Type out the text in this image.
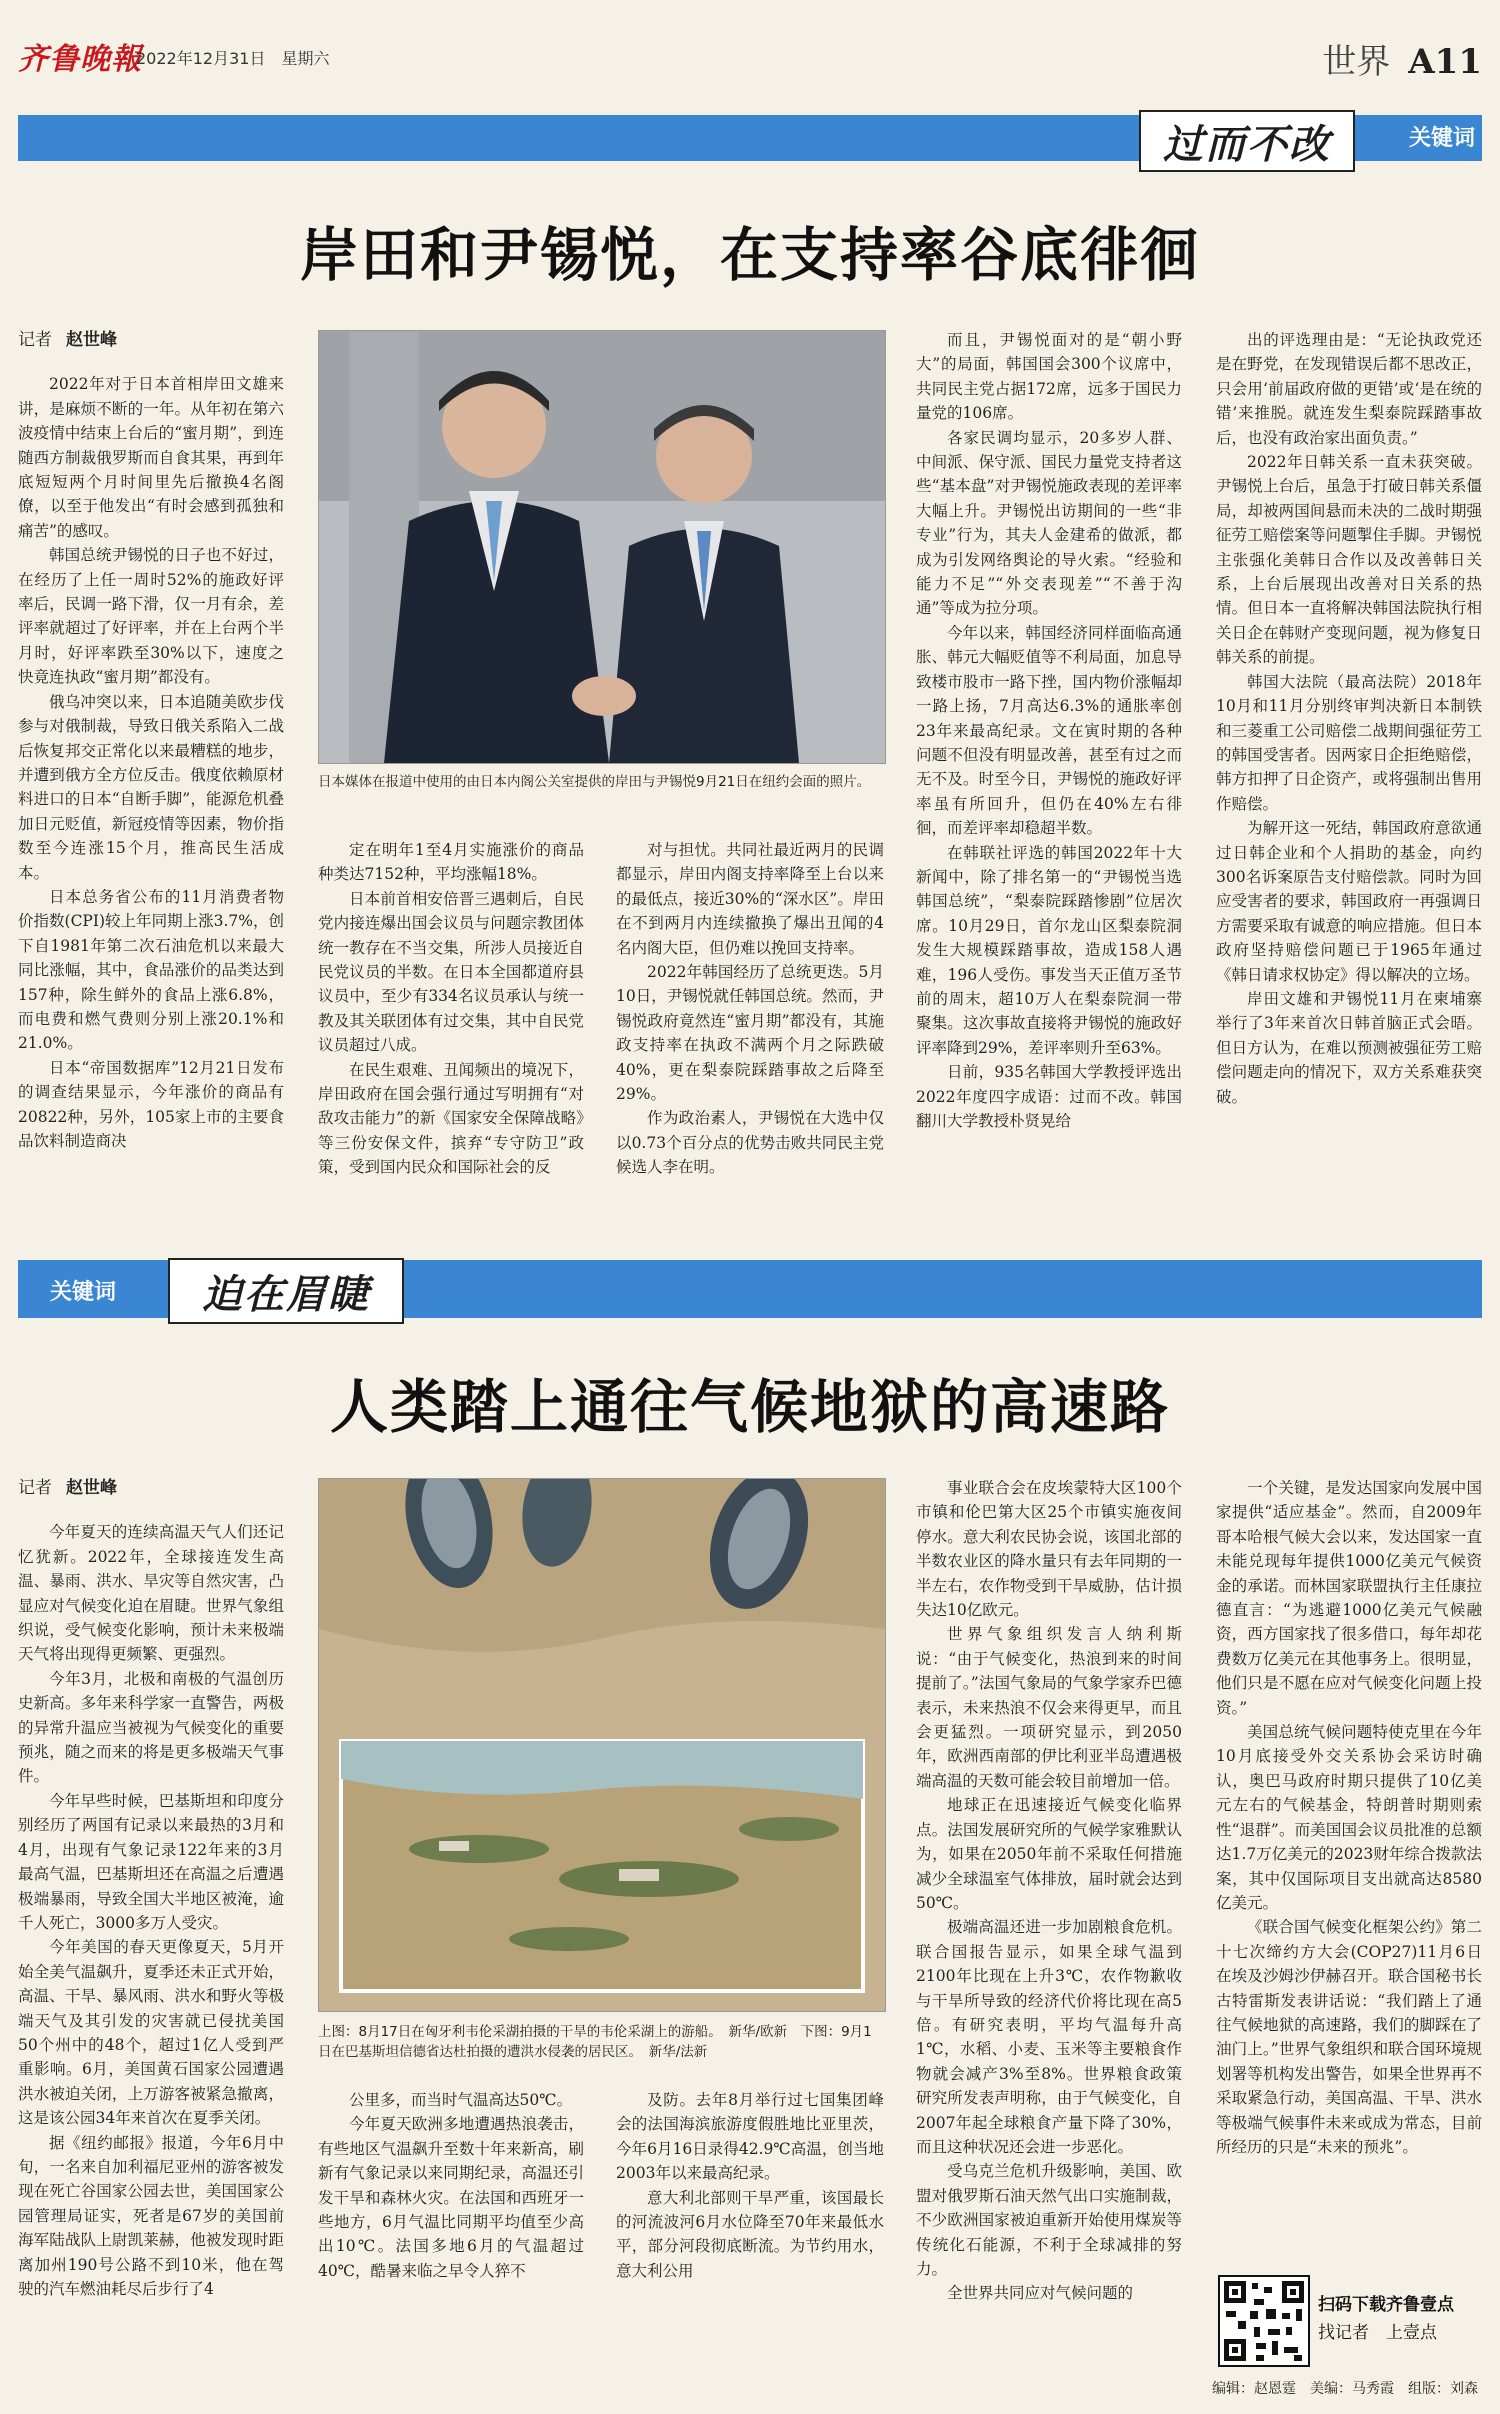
齐鲁晚報
2022年12月31日　星期六	世界 A11
过而不改	关键词
岸田和尹锡悦，在支持率谷底徘徊
记者 赵世峰

2022年对于日本首相岸田文雄来讲，是麻烦不断的一年。从年初在第六波疫情中结束上台后的“蜜月期”，到连随西方制裁俄罗斯而自食其果，再到年底短短两个月时间里先后撤换4名阁僚，以至于他发出“有时会感到孤独和痛苦”的感叹。

韩国总统尹锡悦的日子也不好过，在经历了上任一周时52%的施政好评率后，民调一路下滑，仅一月有余，差评率就超过了好评率，并在上台两个半月时，好评率跌至30%以下，速度之快竟连执政“蜜月期”都没有。

俄乌冲突以来，日本追随美欧步伐参与对俄制裁，导致日俄关系陷入二战后恢复邦交正常化以来最糟糕的地步，并遭到俄方全方位反击。俄度依赖原材料进口的日本“自断手脚”，能源危机叠加日元贬值，新冠疫情等因素，物价指数至今连涨15个月，推高民生活成本。

日本总务省公布的11月消费者物价指数(CPI)较上年同期上涨3.7%，创下自1981年第二次石油危机以来最大同比涨幅，其中，食品涨价的品类达到157种，除生鲜外的食品上涨6.8%，而电费和燃气费则分别上涨20.1%和21.0%。

日本“帝国数据库”12月21日发布的调查结果显示，今年涨价的商品有20822种，另外，105家上市的主要食品饮料制造商决

日本媒体在报道中使用的由日本内阁公关室提供的岸田与尹锡悦9月21日在纽约会面的照片。

定在明年1至4月实施涨价的商品种类达7152种，平均涨幅18%。

日本前首相安倍晋三遇刺后，自民党内接连爆出国会议员与问题宗教团体统一教存在不当交集，所涉人员接近自民党议员的半数。在日本全国都道府县议员中，至少有334名议员承认与统一教及其关联团体有过交集，其中自民党议员超过八成。

在民生艰难、丑闻频出的境况下，岸田政府在国会强行通过写明拥有“对敌攻击能力”的新《国家安全保障战略》等三份安保文件，摈弃“专守防卫”政策，受到国内民众和国际社会的反

对与担忧。共同社最近两月的民调都显示，岸田内阁支持率降至上台以来的最低点，接近30%的“深水区”。岸田在不到两月内连续撤换了爆出丑闻的4名内阁大臣，但仍难以挽回支持率。

2022年韩国经历了总统更迭。5月10日，尹锡悦就任韩国总统。然而，尹锡悦政府竟然连“蜜月期”都没有，其施政支持率在执政不满两个月之际跌破40%，更在梨泰院踩踏事故之后降至29%。

作为政治素人，尹锡悦在大选中仅以0.73个百分点的优势击败共同民主党候选人李在明。

而且，尹锡悦面对的是“朝小野大”的局面，韩国国会300个议席中，共同民主党占据172席，远多于国民力量党的106席。

各家民调均显示，20多岁人群、中间派、保守派、国民力量党支持者这些“基本盘”对尹锡悦施政表现的差评率大幅上升。尹锡悦出访期间的一些“非专业”行为，其夫人金建希的做派，都成为引发网络舆论的导火索。“经验和能力不足”“外交表现差”“不善于沟通”等成为拉分项。

今年以来，韩国经济同样面临高通胀、韩元大幅贬值等不利局面，加息导致楼市股市一路下挫，国内物价涨幅却一路上扬，7月高达6.3%的通胀率创23年来最高纪录。文在寅时期的各种问题不但没有明显改善，甚至有过之而无不及。时至今日，尹锡悦的施政好评率虽有所回升，但仍在40%左右徘徊，而差评率却稳超半数。

在韩联社评选的韩国2022年十大新闻中，除了排名第一的“尹锡悦当选韩国总统”，“梨泰院踩踏惨剧”位居次席。10月29日，首尔龙山区梨泰院洞发生大规模踩踏事故，造成158人遇难，196人受伤。事发当天正值万圣节前的周末，超10万人在梨泰院洞一带聚集。这次事故直接将尹锡悦的施政好评率降到29%，差评率则升至63%。

日前，935名韩国大学教授评选出2022年度四字成语：过而不改。韩国翻川大学教授朴贤晃给

出的评选理由是：“无论执政党还是在野党，在发现错误后都不思改正，只会用‘前届政府做的更错’或‘是在统的错’来推脱。就连发生梨泰院踩踏事故后，也没有政治家出面负责。”

2022年日韩关系一直未获突破。尹锡悦上台后，虽急于打破日韩关系僵局，却被两国间悬而未决的二战时期强征劳工赔偿案等问题掣住手脚。尹锡悦主张强化美韩日合作以及改善韩日关系，上台后展现出改善对日关系的热情。但日本一直将解决韩国法院执行相关日企在韩财产变现问题，视为修复日韩关系的前提。

韩国大法院（最高法院）2018年10月和11月分别终审判决新日本制铁和三菱重工公司赔偿二战期间强征劳工的韩国受害者。因两家日企拒绝赔偿，韩方扣押了日企资产，或将强制出售用作赔偿。

为解开这一死结，韩国政府意欲通过日韩企业和个人捐助的基金，向约300名诉案原告支付赔偿款。同时为回应受害者的要求，韩国政府一再强调日方需要采取有诚意的响应措施。但日本政府坚持赔偿问题已于1965年通过《韩日请求权协定》得以解决的立场。

岸田文雄和尹锡悦11月在柬埔寨举行了3年来首次日韩首脑正式会晤。但日方认为，在难以预测被强征劳工赔偿问题走向的情况下，双方关系难获突破。

关键词	迫在眉睫
人类踏上通往气候地狱的高速路
记者 赵世峰

今年夏天的连续高温天气人们还记忆犹新。2022年，全球接连发生高温、暴雨、洪水、旱灾等自然灾害，凸显应对气候变化迫在眉睫。世界气象组织说，受气候变化影响，预计未来极端天气将出现得更频繁、更强烈。

今年3月，北极和南极的气温创历史新高。多年来科学家一直警告，两极的异常升温应当被视为气候变化的重要预兆，随之而来的将是更多极端天气事件。

今年早些时候，巴基斯坦和印度分别经历了两国有记录以来最热的3月和4月，出现有气象记录122年来的3月最高气温，巴基斯坦还在高温之后遭遇极端暴雨，导致全国大半地区被淹，逾千人死亡，3000多万人受灾。

今年美国的春天更像夏天，5月开始全美气温飙升，夏季还未正式开始，高温、干旱、暴风雨、洪水和野火等极端天气及其引发的灾害就已侵扰美国50个州中的48个，超过1亿人受到严重影响。6月，美国黄石国家公园遭遇洪水被迫关闭，上万游客被紧急撤离，这是该公园34年来首次在夏季关闭。

据《纽约邮报》报道，今年6月中旬，一名来自加利福尼亚州的游客被发现在死亡谷国家公园去世，美国国家公园管理局证实，死者是67岁的美国前海军陆战队上尉凯莱赫，他被发现时距离加州190号公路不到10米，他在驾驶的汽车燃油耗尽后步行了4

上图：8月17日在匈牙利韦伦采湖拍摄的干旱的韦伦采湖上的游船。　新华/欧新　下图：9月1日在巴基斯坦信德省达杜拍摄的遭洪水侵袭的居民区。　新华/法新

公里多，而当时气温高达50℃。

今年夏天欧洲多地遭遇热浪袭击，有些地区气温飙升至数十年来新高，刷新有气象记录以来同期纪录，高温还引发干旱和森林火灾。在法国和西班牙一些地方，6月气温比同期平均值至少高出10℃。法国多地6月的气温超过40℃，酷暑来临之早令人猝不

及防。去年8月举行过七国集团峰会的法国海滨旅游度假胜地比亚里茨，今年6月16日录得42.9℃高温，创当地2003年以来最高纪录。

意大利北部则干旱严重，该国最长的河流波河6月水位降至70年来最低水平，部分河段彻底断流。为节约用水，意大利公用

事业联合会在皮埃蒙特大区100个市镇和伦巴第大区25个市镇实施夜间停水。意大利农民协会说，该国北部的半数农业区的降水量只有去年同期的一半左右，农作物受到干旱威胁，估计损失达10亿欧元。

世界气象组织发言人纳利斯说：“由于气候变化，热浪到来的时间提前了。”法国气象局的气象学家乔巴德表示，未来热浪不仅会来得更早，而且会更猛烈。一项研究显示，到2050年，欧洲西南部的伊比利亚半岛遭遇极端高温的天数可能会较目前增加一倍。

地球正在迅速接近气候变化临界点。法国发展研究所的气候学家雅默认为，如果在2050年前不采取任何措施减少全球温室气体排放，届时就会达到50℃。

极端高温还进一步加剧粮食危机。联合国报告显示，如果全球气温到2100年比现在上升3℃，农作物歉收与干旱所导致的经济代价将比现在高5倍。有研究表明，平均气温每升高1℃，水稻、小麦、玉米等主要粮食作物就会减产3%至8%。世界粮食政策研究所发表声明称，由于气候变化，自2007年起全球粮食产量下降了30%，而且这种状况还会进一步恶化。

受乌克兰危机升级影响，美国、欧盟对俄罗斯石油天然气出口实施制裁，不少欧洲国家被迫重新开始使用煤炭等传统化石能源，不利于全球减排的努力。

全世界共同应对气候问题的

一个关键，是发达国家向发展中国家提供“适应基金”。然而，自2009年哥本哈根气候大会以来，发达国家一直未能兑现每年提供1000亿美元气候资金的承诺。而林国家联盟执行主任康拉德直言：“为逃避1000亿美元气候融资，西方国家找了很多借口，每年却花费数万亿美元在其他事务上。很明显，他们只是不愿在应对气候变化问题上投资。”

美国总统气候问题特使克里在今年10月底接受外交关系协会采访时确认，奥巴马政府时期只提供了10亿美元左右的气候基金，特朗普时期则索性“退群”。而美国国会议员批准的总额达1.7万亿美元的2023财年综合拨款法案，其中仅国际项目支出就高达8580亿美元。

《联合国气候变化框架公约》第二十七次缔约方大会(COP27)11月6日在埃及沙姆沙伊赫召开。联合国秘书长古特雷斯发表讲话说：“我们踏上了通往气候地狱的高速路，我们的脚踩在了油门上。”世界气象组织和联合国环境规划署等机构发出警告，如果全世界再不采取紧急行动，美国高温、干旱、洪水等极端气候事件未来或成为常态，目前所经历的只是“未来的预兆”。

扫码下载齐鲁壹点
找记者　上壹点
编辑：赵恩霆　美编：马秀霞　组版：刘森
